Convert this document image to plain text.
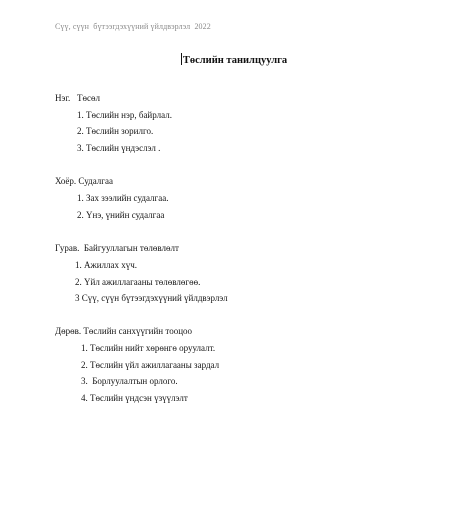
Сүү, сүүн  бүтээгдэхүүний үйлдвэрлэл  2022
Төслийн танилцуулга
Нэг.   Төсөл
1. Төслийн нэр, байрлал.
2. Төслийн зорилго.
3. Төслийн үндэслэл .
Хоёр. Судалгаа
1. Зах зээлийн судалгаа.
2. Үнэ, үнийн судалгаа
Гурав.  Байгууллагын төлөвлөлт
1. Ажиллах хүч.
2. Үйл ажиллагааны төлөвлөгөө.
3 Сүү, сүүн бүтээгдэхүүний үйлдвэрлэл
Дөрөв. Төслийн санхүүгийн тооцоо
1. Төслийн нийт хөрөнгө оруулалт.
2. Төслийн үйл ажиллагааны зардал
3.  Борлуулалтын орлого.
4. Төслийн үндсэн үзүүлэлт
